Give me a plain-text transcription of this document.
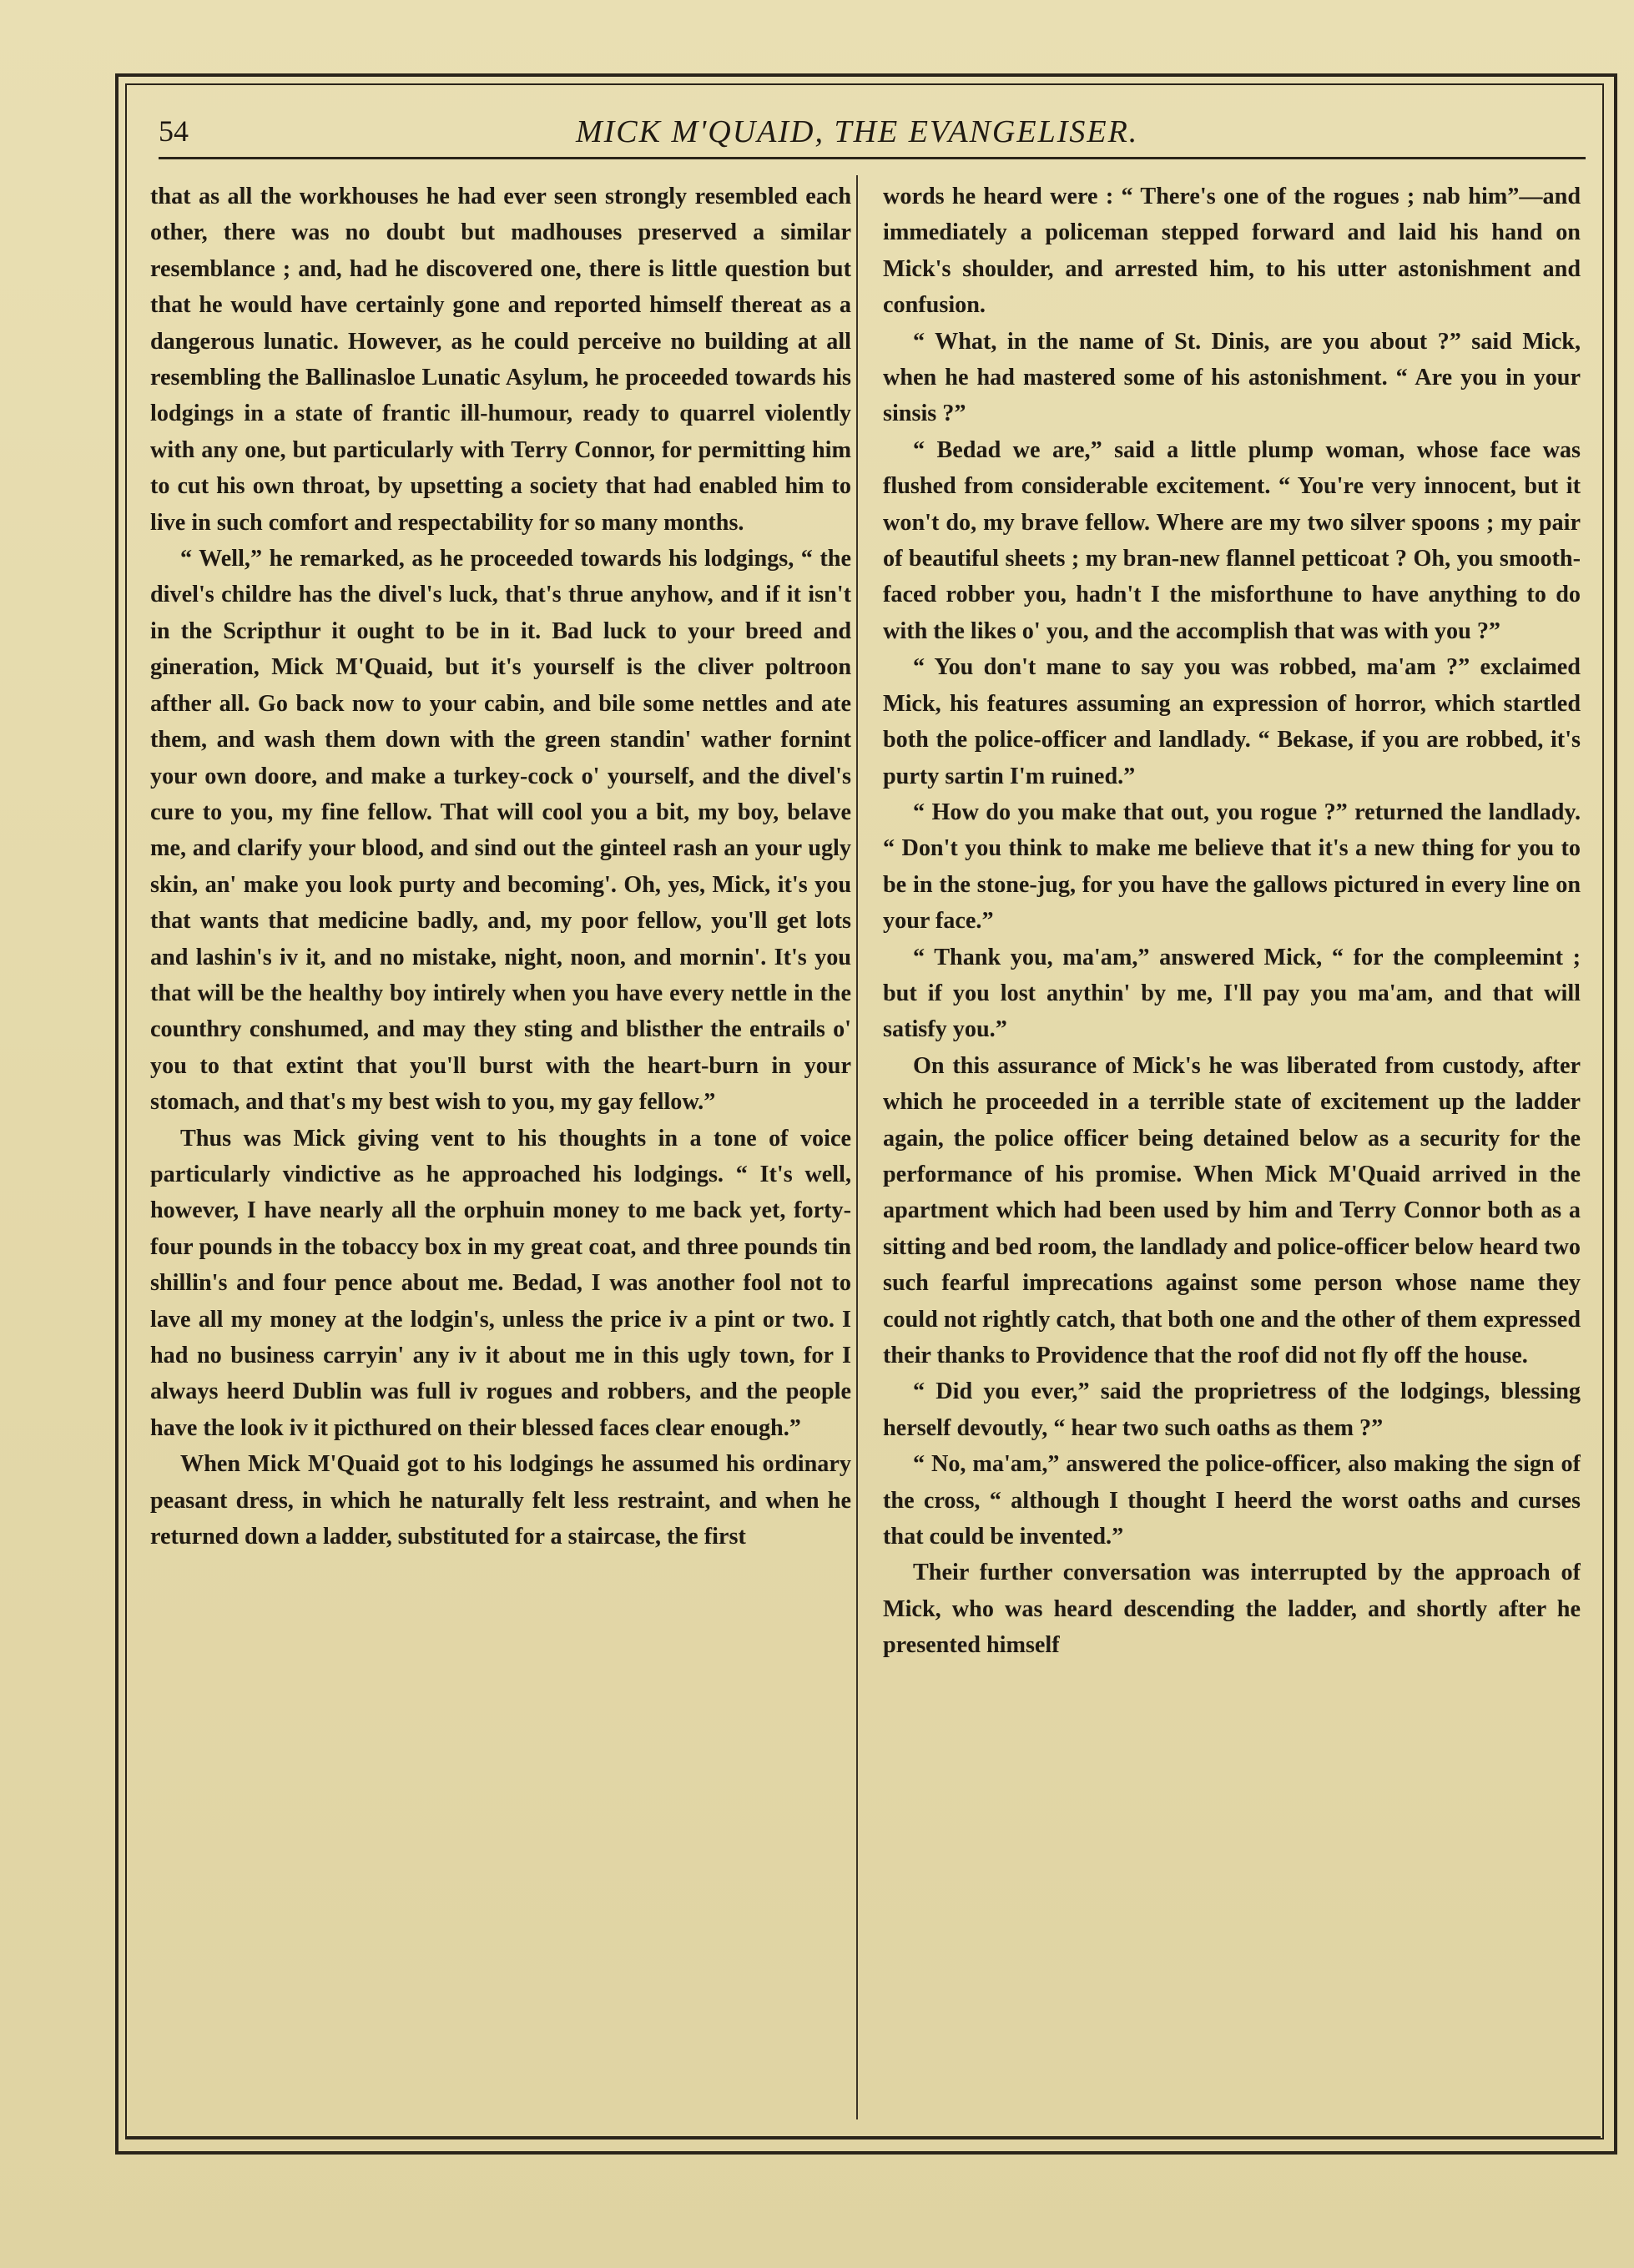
54	MICK M'QUAID, THE EVANGELISER.

that as all the workhouses he had ever seen strongly resembled each other, there was no doubt but madhouses preserved a similar resemblance ; and, had he discovered one, there is little question but that he would have certainly gone and reported himself thereat as a dangerous lunatic. However, as he could perceive no building at all resembling the Ballinasloe Lunatic Asylum, he proceeded towards his lodgings in a state of frantic ill-humour, ready to quarrel violently with any one, but particularly with Terry Connor, for permitting him to cut his own throat, by upsetting a society that had enabled him to live in such comfort and respectability for so many months.

“ Well,” he remarked, as he proceeded towards his lodgings, “ the divel's childre has the divel's luck, that's thrue anyhow, and if it isn't in the Scripthur it ought to be in it. Bad luck to your breed and gineration, Mick M'Quaid, but it's yourself is the cliver poltroon afther all. Go back now to your cabin, and bile some nettles and ate them, and wash them down with the green standin' wather fornint your own doore, and make a turkey-cock o' yourself, and the divel's cure to you, my fine fellow. That will cool you a bit, my boy, belave me, and clarify your blood, and sind out the ginteel rash an your ugly skin, an' make you look purty and becoming'. Oh, yes, Mick, it's you that wants that medicine badly, and, my poor fellow, you'll get lots and lashin's iv it, and no mistake, night, noon, and mornin'. It's you that will be the healthy boy intirely when you have every nettle in the counthry conshumed, and may they sting and blisther the entrails o' you to that extint that you'll burst with the heart-burn in your stomach, and that's my best wish to you, my gay fellow.”

Thus was Mick giving vent to his thoughts in a tone of voice particularly vindictive as he approached his lodgings. “ It's well, however, I have nearly all the orphuin money to me back yet, forty-four pounds in the tobaccy box in my great coat, and three pounds tin shillin's and four pence about me. Bedad, I was another fool not to lave all my money at the lodgin's, unless the price iv a pint or two. I had no business carryin' any iv it about me in this ugly town, for I always heerd Dublin was full iv rogues and robbers, and the people have the look iv it picthured on their blessed faces clear enough.”

When Mick M'Quaid got to his lodgings he assumed his ordinary peasant dress, in which he naturally felt less restraint, and when he returned down a ladder, substituted for a staircase, the first

words he heard were : “ There's one of the rogues ; nab him”—and immediately a policeman stepped forward and laid his hand on Mick's shoulder, and arrested him, to his utter astonishment and confusion.

“ What, in the name of St. Dinis, are you about ?” said Mick, when he had mastered some of his astonishment. “ Are you in your sinsis ?”

“ Bedad we are,” said a little plump woman, whose face was flushed from considerable excitement. “ You're very innocent, but it won't do, my brave fellow. Where are my two silver spoons ; my pair of beautiful sheets ; my bran-new flannel petticoat ? Oh, you smooth-faced robber you, hadn't I the misforthune to have anything to do with the likes o' you, and the accomplish that was with you ?”

“ You don't mane to say you was robbed, ma'am ?” exclaimed Mick, his features assuming an expression of horror, which startled both the police-officer and landlady. “ Bekase, if you are robbed, it's purty sartin I'm ruined.”

“ How do you make that out, you rogue ?” returned the landlady. “ Don't you think to make me believe that it's a new thing for you to be in the stone-jug, for you have the gallows pictured in every line on your face.”

“ Thank you, ma'am,” answered Mick, “ for the compleemint ; but if you lost anythin' by me, I'll pay you ma'am, and that will satisfy you.”

On this assurance of Mick's he was liberated from custody, after which he proceeded in a terrible state of excitement up the ladder again, the police officer being detained below as a security for the performance of his promise. When Mick M'Quaid arrived in the apartment which had been used by him and Terry Connor both as a sitting and bed room, the landlady and police-officer below heard two such fearful imprecations against some person whose name they could not rightly catch, that both one and the other of them expressed their thanks to Providence that the roof did not fly off the house.

“ Did you ever,” said the proprietress of the lodgings, blessing herself devoutly, “ hear two such oaths as them ?”

“ No, ma'am,” answered the police-officer, also making the sign of the cross, “ although I thought I heerd the worst oaths and curses that could be invented.”

Their further conversation was interrupted by the approach of Mick, who was heard descending the ladder, and shortly after he presented himself
